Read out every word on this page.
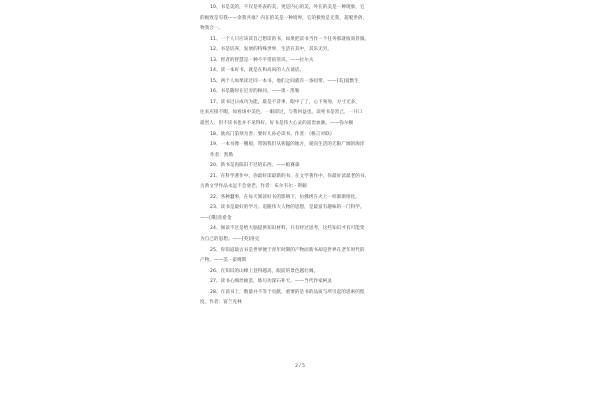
10、书是美的，不仅是外表的美，更是内心的美，外在的美是一种现象，它
的极致是有我——余我共谁？内在的美是一种境界，它的极致是无我，超脱世俗，
物我合一。
11、一个人只应该读自己想读的书，如果把读书当作一个任务那就收效甚微。
12、书是培养，发展的特殊世界，生活在其中，其乐无穷。
13、智者的智慧是一种不平常的常识。——拉尔夫
14、读一本好书，就是在和高尚的人在谈话。
15、两个人如果读过同一本书，他们之间就有一条纽带。——[美]爱默生
16、书是随时在近旁的顾问。——奥・凯勒
17、读书过日成功为能，最是不济事，眼中了了，心下匆匆，方寸无多，
往来应接不暇，如看场中美色，一眼即过，与我何益也。读死书是害己，一开口
就害人；但不读书也并不见得好。好书是伟大心灵的富贵血脉。——弥尔顿
18、欲高门第须为善；要好儿孙必读书。作者：《格言对联》
19、一本书像一艘船，带领我们从狭隘的地方，驶向生活的无限广阔的海洋
作者：凯勒
20、新书是再陈旧不过的东西。——帕赛森
21、在科学著作中，你最好读最新的书，在文学著作中，你最好读最老的书。
古典文学作品永远不会衰老。作者：布尔韦尔・利顿
22、各种蠢事，在每天阅读好书的影响下，仿佛烤在火上一样渐渐熔化。
23、读书是最好的学习。追随伟大人物的思想，是最富有趣味的一门科学。
——[俄]普希金
24、阅读不过是给大脑提供知识材料，只有经过思考，这些知识才有可能变
为自己的思想。——[英]洛克
25、你知道最古书是世界便于青年时期的产物而新书却是世界在老年时代的
产物。——美・霍姆斯
26、在知识的山峰上登得越高，眼前的景色越壮阔。
27、读书心细丝抽茧，练句功深石补天。——当代作家柯灵
28、在读书上，数量并不等于贡献，重要的是书的品质与所引起的思索的程
度。作者：富兰克林
2 / 5
